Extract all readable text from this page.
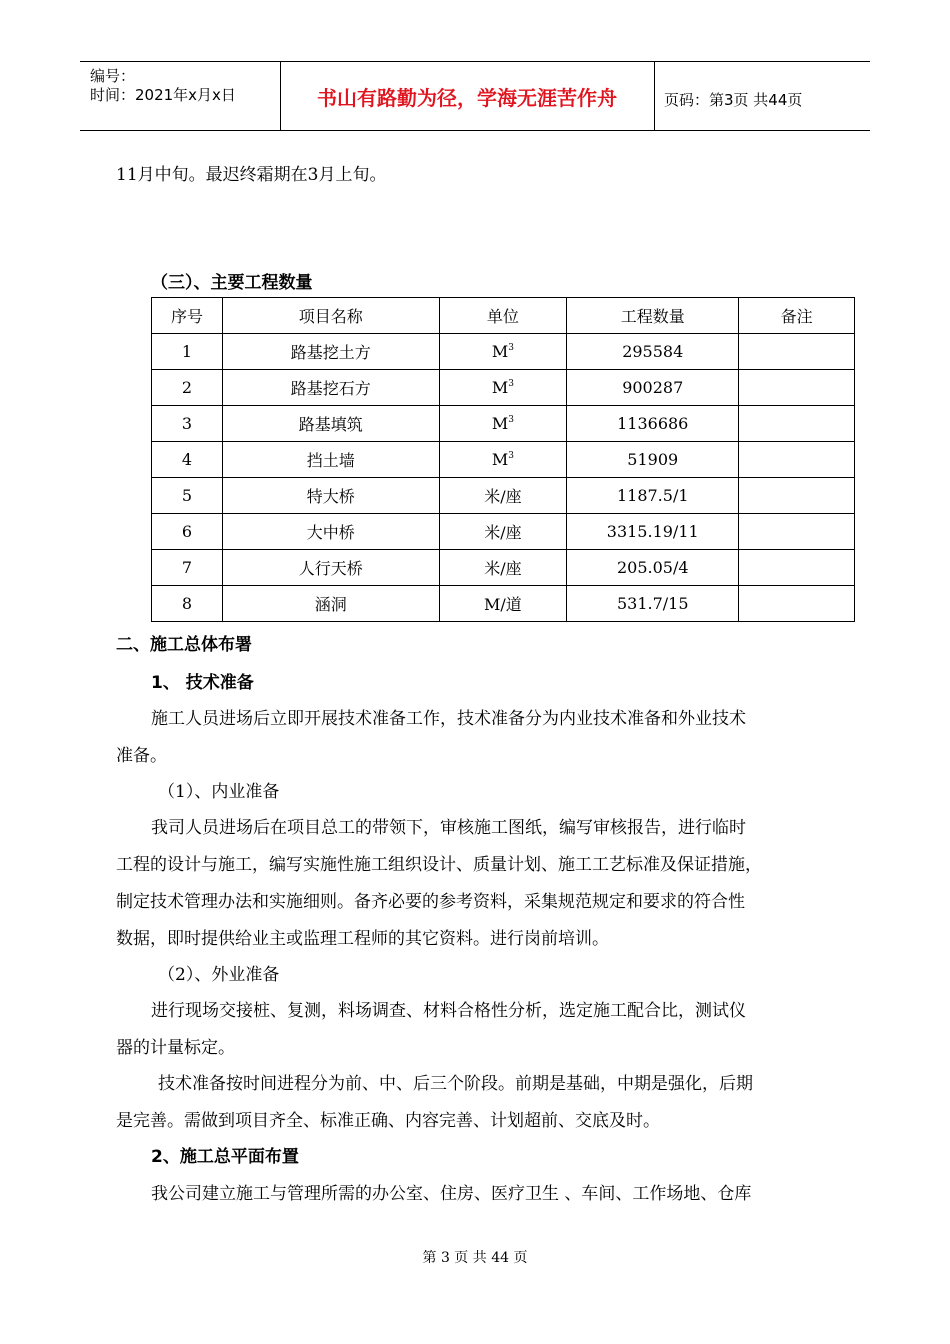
编号：
时间：2021年x月x日	书山有路勤为径，学海无涯苦作舟	页码：第3页 共44页
11月中旬。最迟终霜期在3月上旬。
（三）、主要工程数量
序号	项目名称	单位	工程数量	备注
1	路基挖土方	$M^3$	295584	
2	路基挖石方	$M^3$	900287	
3	路基填筑	$M^3$	1136686	
4	挡土墙	$M^3$	51909	
5	特大桥	米/座	1187.5/1	
6	大中桥	米/座	3315.19/11	
7	人行天桥	米/座	205.05/4	
8	涵洞	M/道	531.7/15	
二、施工总体布署
1、 技术准备
施工人员进场后立即开展技术准备工作，技术准备分为内业技术准备和外业技术
准备。
（1）、内业准备
我司人员进场后在项目总工的带领下，审核施工图纸，编写审核报告，进行临时
工程的设计与施工，编写实施性施工组织设计、质量计划、施工工艺标准及保证措施，
制定技术管理办法和实施细则。备齐必要的参考资料，采集规范规定和要求的符合性
数据，即时提供给业主或监理工程师的其它资料。进行岗前培训。
（2）、外业准备
进行现场交接桩、复测，料场调查、材料合格性分析，选定施工配合比，测试仪
器的计量标定。
技术准备按时间进程分为前、中、后三个阶段。前期是基础，中期是强化，后期
是完善。需做到项目齐全、标准正确、内容完善、计划超前、交底及时。
2、施工总平面布置
我公司建立施工与管理所需的办公室、住房、医疗卫生 、车间、工作场地、仓库
第 3 页 共 44 页
